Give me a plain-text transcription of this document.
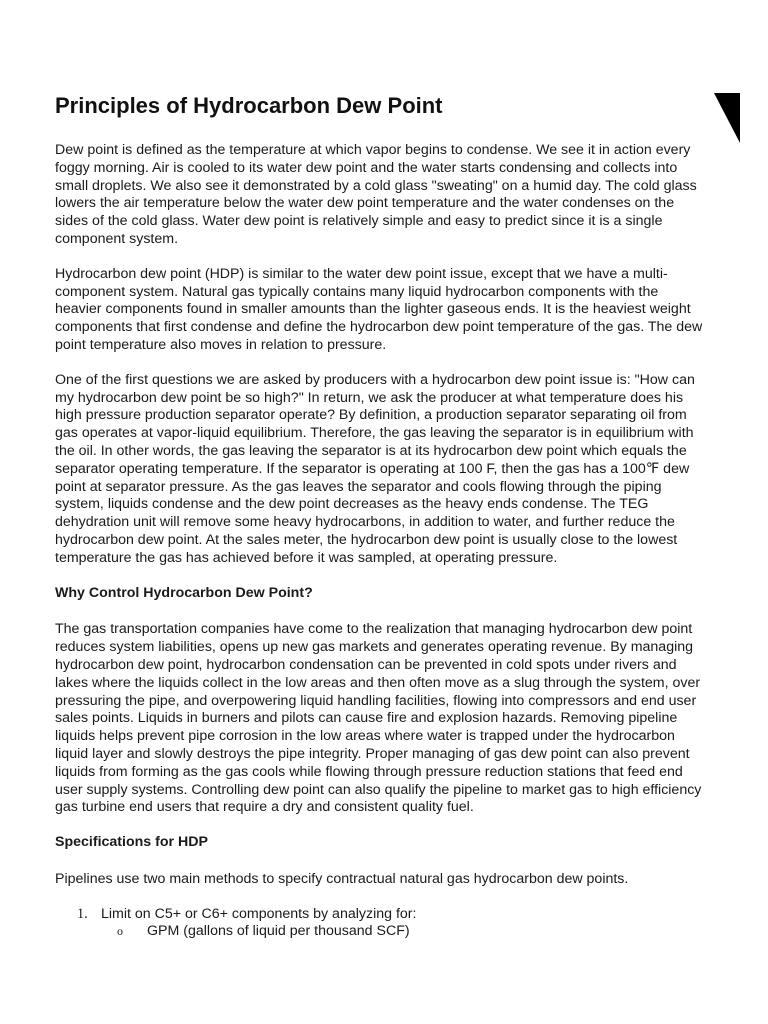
Principles of Hydrocarbon Dew Point

Dew point is defined as the temperature at which vapor begins to condense. We see it in action every foggy morning. Air is cooled to its water dew point and the water starts condensing and collects into small droplets. We also see it demonstrated by a cold glass "sweating" on a humid day. The cold glass lowers the air temperature below the water dew point temperature and the water condenses on the sides of the cold glass. Water dew point is relatively simple and easy to predict since it is a single component system.

Hydrocarbon dew point (HDP) is similar to the water dew point issue, except that we have a multi-component system. Natural gas typically contains many liquid hydrocarbon components with the heavier components found in smaller amounts than the lighter gaseous ends. It is the heaviest weight components that first condense and define the hydrocarbon dew point temperature of the gas. The dew point temperature also moves in relation to pressure.

One of the first questions we are asked by producers with a hydrocarbon dew point issue is: "How can my hydrocarbon dew point be so high?" In return, we ask the producer at what temperature does his high pressure production separator operate? By definition, a production separator separating oil from gas operates at vapor-liquid equilibrium. Therefore, the gas leaving the separator is in equilibrium with the oil. In other words, the gas leaving the separator is at its hydrocarbon dew point which equals the separator operating temperature. If the separator is operating at 100 F, then the gas has a 100℉ dew point at separator pressure. As the gas leaves the separator and cools flowing through the piping system, liquids condense and the dew point decreases as the heavy ends condense. The TEG dehydration unit will remove some heavy hydrocarbons, in addition to water, and further reduce the hydrocarbon dew point. At the sales meter, the hydrocarbon dew point is usually close to the lowest temperature the gas has achieved before it was sampled, at operating pressure.

Why Control Hydrocarbon Dew Point?

The gas transportation companies have come to the realization that managing hydrocarbon dew point reduces system liabilities, opens up new gas markets and generates operating revenue. By managing hydrocarbon dew point, hydrocarbon condensation can be prevented in cold spots under rivers and lakes where the liquids collect in the low areas and then often move as a slug through the system, over pressuring the pipe, and overpowering liquid handling facilities, flowing into compressors and end user sales points. Liquids in burners and pilots can cause fire and explosion hazards. Removing pipeline liquids helps prevent pipe corrosion in the low areas where water is trapped under the hydrocarbon liquid layer and slowly destroys the pipe integrity. Proper managing of gas dew point can also prevent liquids from forming as the gas cools while flowing through pressure reduction stations that feed end user supply systems. Controlling dew point can also qualify the pipeline to market gas to high efficiency gas turbine end users that require a dry and consistent quality fuel.

Specifications for HDP

Pipelines use two main methods to specify contractual natural gas hydrocarbon dew points.

1. Limit on C5+ or C6+ components by analyzing for:
o	GPM (gallons of liquid per thousand SCF)
